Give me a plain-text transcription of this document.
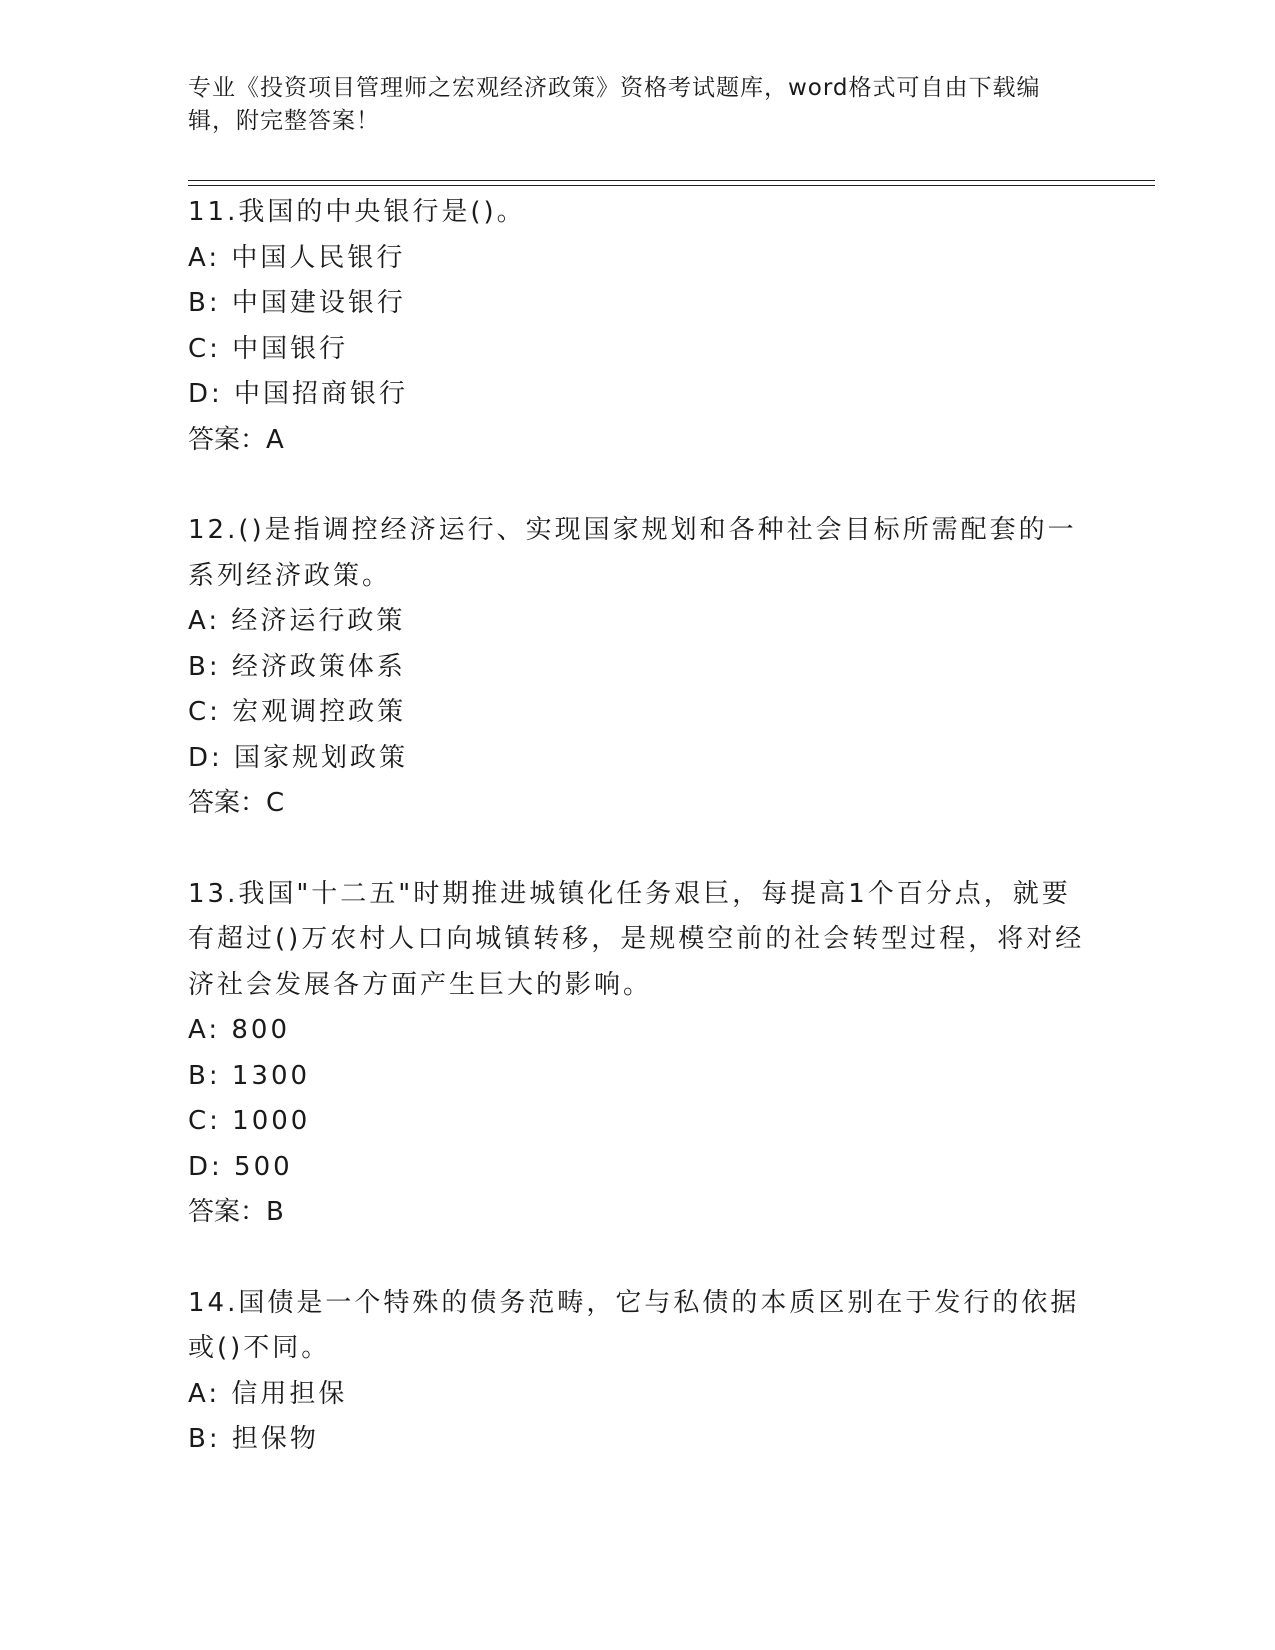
专业《投资项目管理师之宏观经济政策》资格考试题库，word格式可自由下载编辑，附完整答案！
11.我国的中央银行是()。
A: 中国人民银行
B: 中国建设银行
C: 中国银行
D: 中国招商银行
答案：A
12.()是指调控经济运行、实现国家规划和各种社会目标所需配套的一系列经济政策。
A: 经济运行政策
B: 经济政策体系
C: 宏观调控政策
D: 国家规划政策
答案：C
13.我国"十二五"时期推进城镇化任务艰巨，每提高1个百分点，就要有超过()万农村人口向城镇转移，是规模空前的社会转型过程，将对经济社会发展各方面产生巨大的影响。
A: 800
B: 1300
C: 1000
D: 500
答案：B
14.国债是一个特殊的债务范畴，它与私债的本质区别在于发行的依据或()不同。
A: 信用担保
B: 担保物
